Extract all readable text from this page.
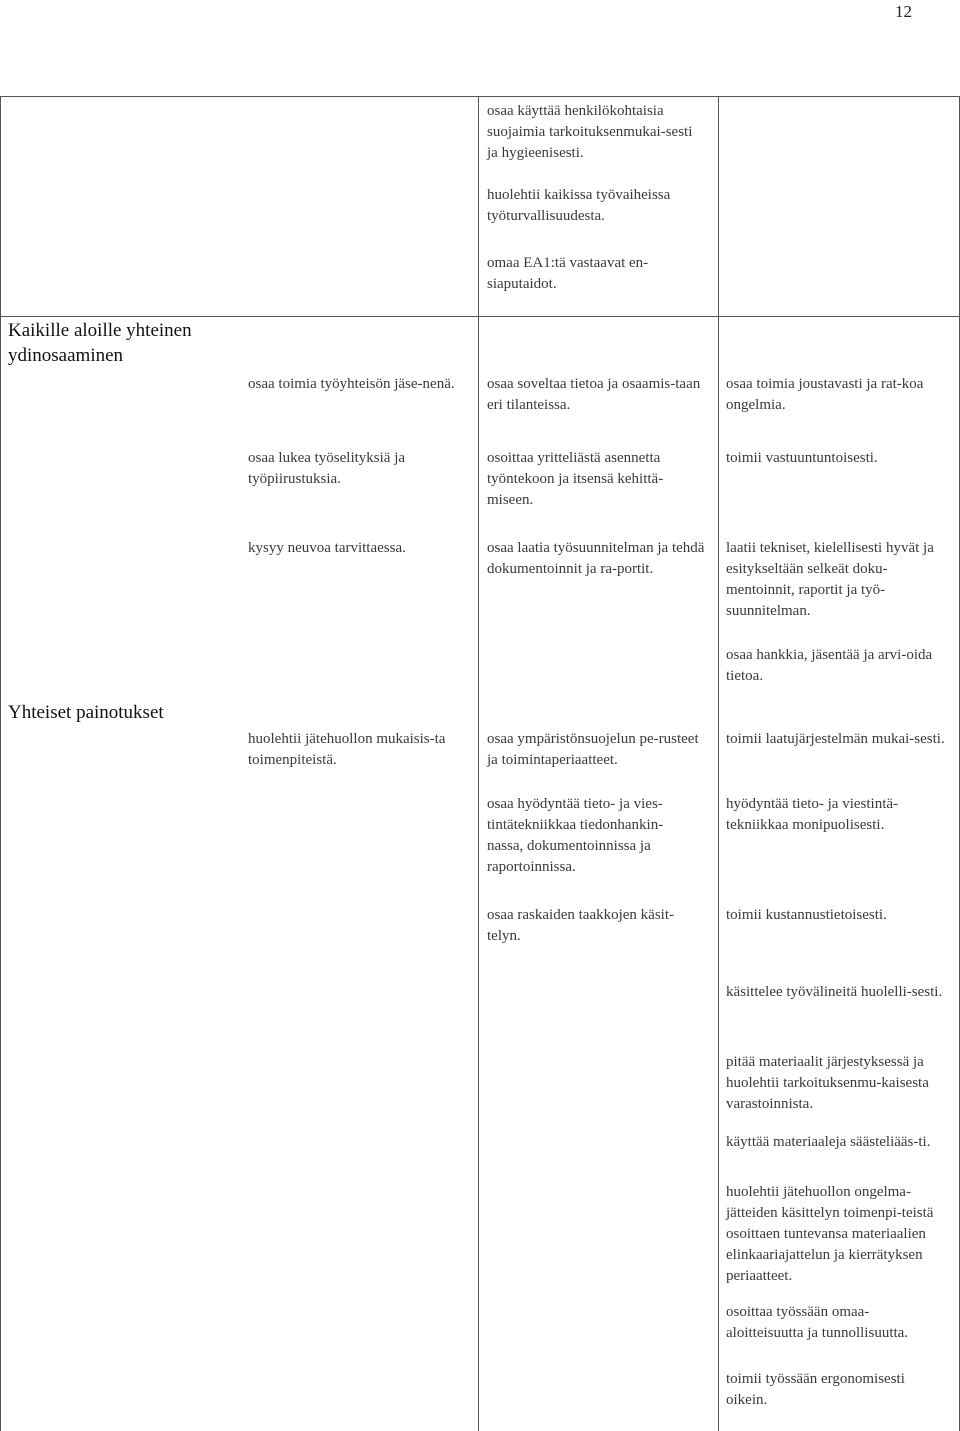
12

osaa käyttää henkilökohtaisia suojaimia tarkoituksenmukai-sesti ja hygieenisesti.

huolehtii kaikissa työvaiheissa työturvallisuudesta.

omaa EA1:tä vastaavat en-siaputaidot.

Kaikille aloille yhteinen ydinosaaminen

osaa toimia työyhteisön jäse-nenä.

osaa lukea työselityksiä ja työpiirustuksia.

kysyy neuvoa tarvittaessa.

osaa soveltaa tietoa ja osaamis-taan eri tilanteissa.

osoittaa yritteliästä asennetta työntekoon ja itsensä kehittä-miseen.

osaa laatia työsuunnitelman ja tehdä dokumentoinnit ja ra-portit.

osaa toimia joustavasti ja rat-koa ongelmia.

toimii vastuuntuntoisesti.

laatii tekniset, kielellisesti hyvät ja esitykseltään selkeät doku-mentoinnit, raportit ja työ-suunnitelman.

osaa hankkia, jäsentää ja arvi-oida tietoa.

Yhteiset painotukset

huolehtii jätehuollon mukaisis-ta toimenpiteistä.

osaa ympäristönsuojelun pe-rusteet ja toimintaperiaatteet.

osaa hyödyntää tieto- ja vies-tintätekniikkaa tiedonhankin-nassa, dokumentoinnissa ja raportoinnissa.

osaa raskaiden taakkojen käsit-telyn.

toimii laatujärjestelmän mukai-sesti.

hyödyntää tieto- ja viestintä-tekniikkaa monipuolisesti.

toimii kustannustietoisesti.

käsittelee työvälineitä huolelli-sesti.

pitää materiaalit järjestyksessä ja huolehtii tarkoituksenmu-kaisesta varastoinnista.

käyttää materiaaleja säästeliääs-ti.

huolehtii jätehuollon ongelma-jätteiden käsittelyn toimenpi-teistä osoittaen tuntevansa materiaalien elinkaariajattelun ja kierrätyksen periaatteet.

osoittaa työssään omaa-aloitteisuutta ja tunnollisuutta.

toimii työssään ergonomisesti oikein.
